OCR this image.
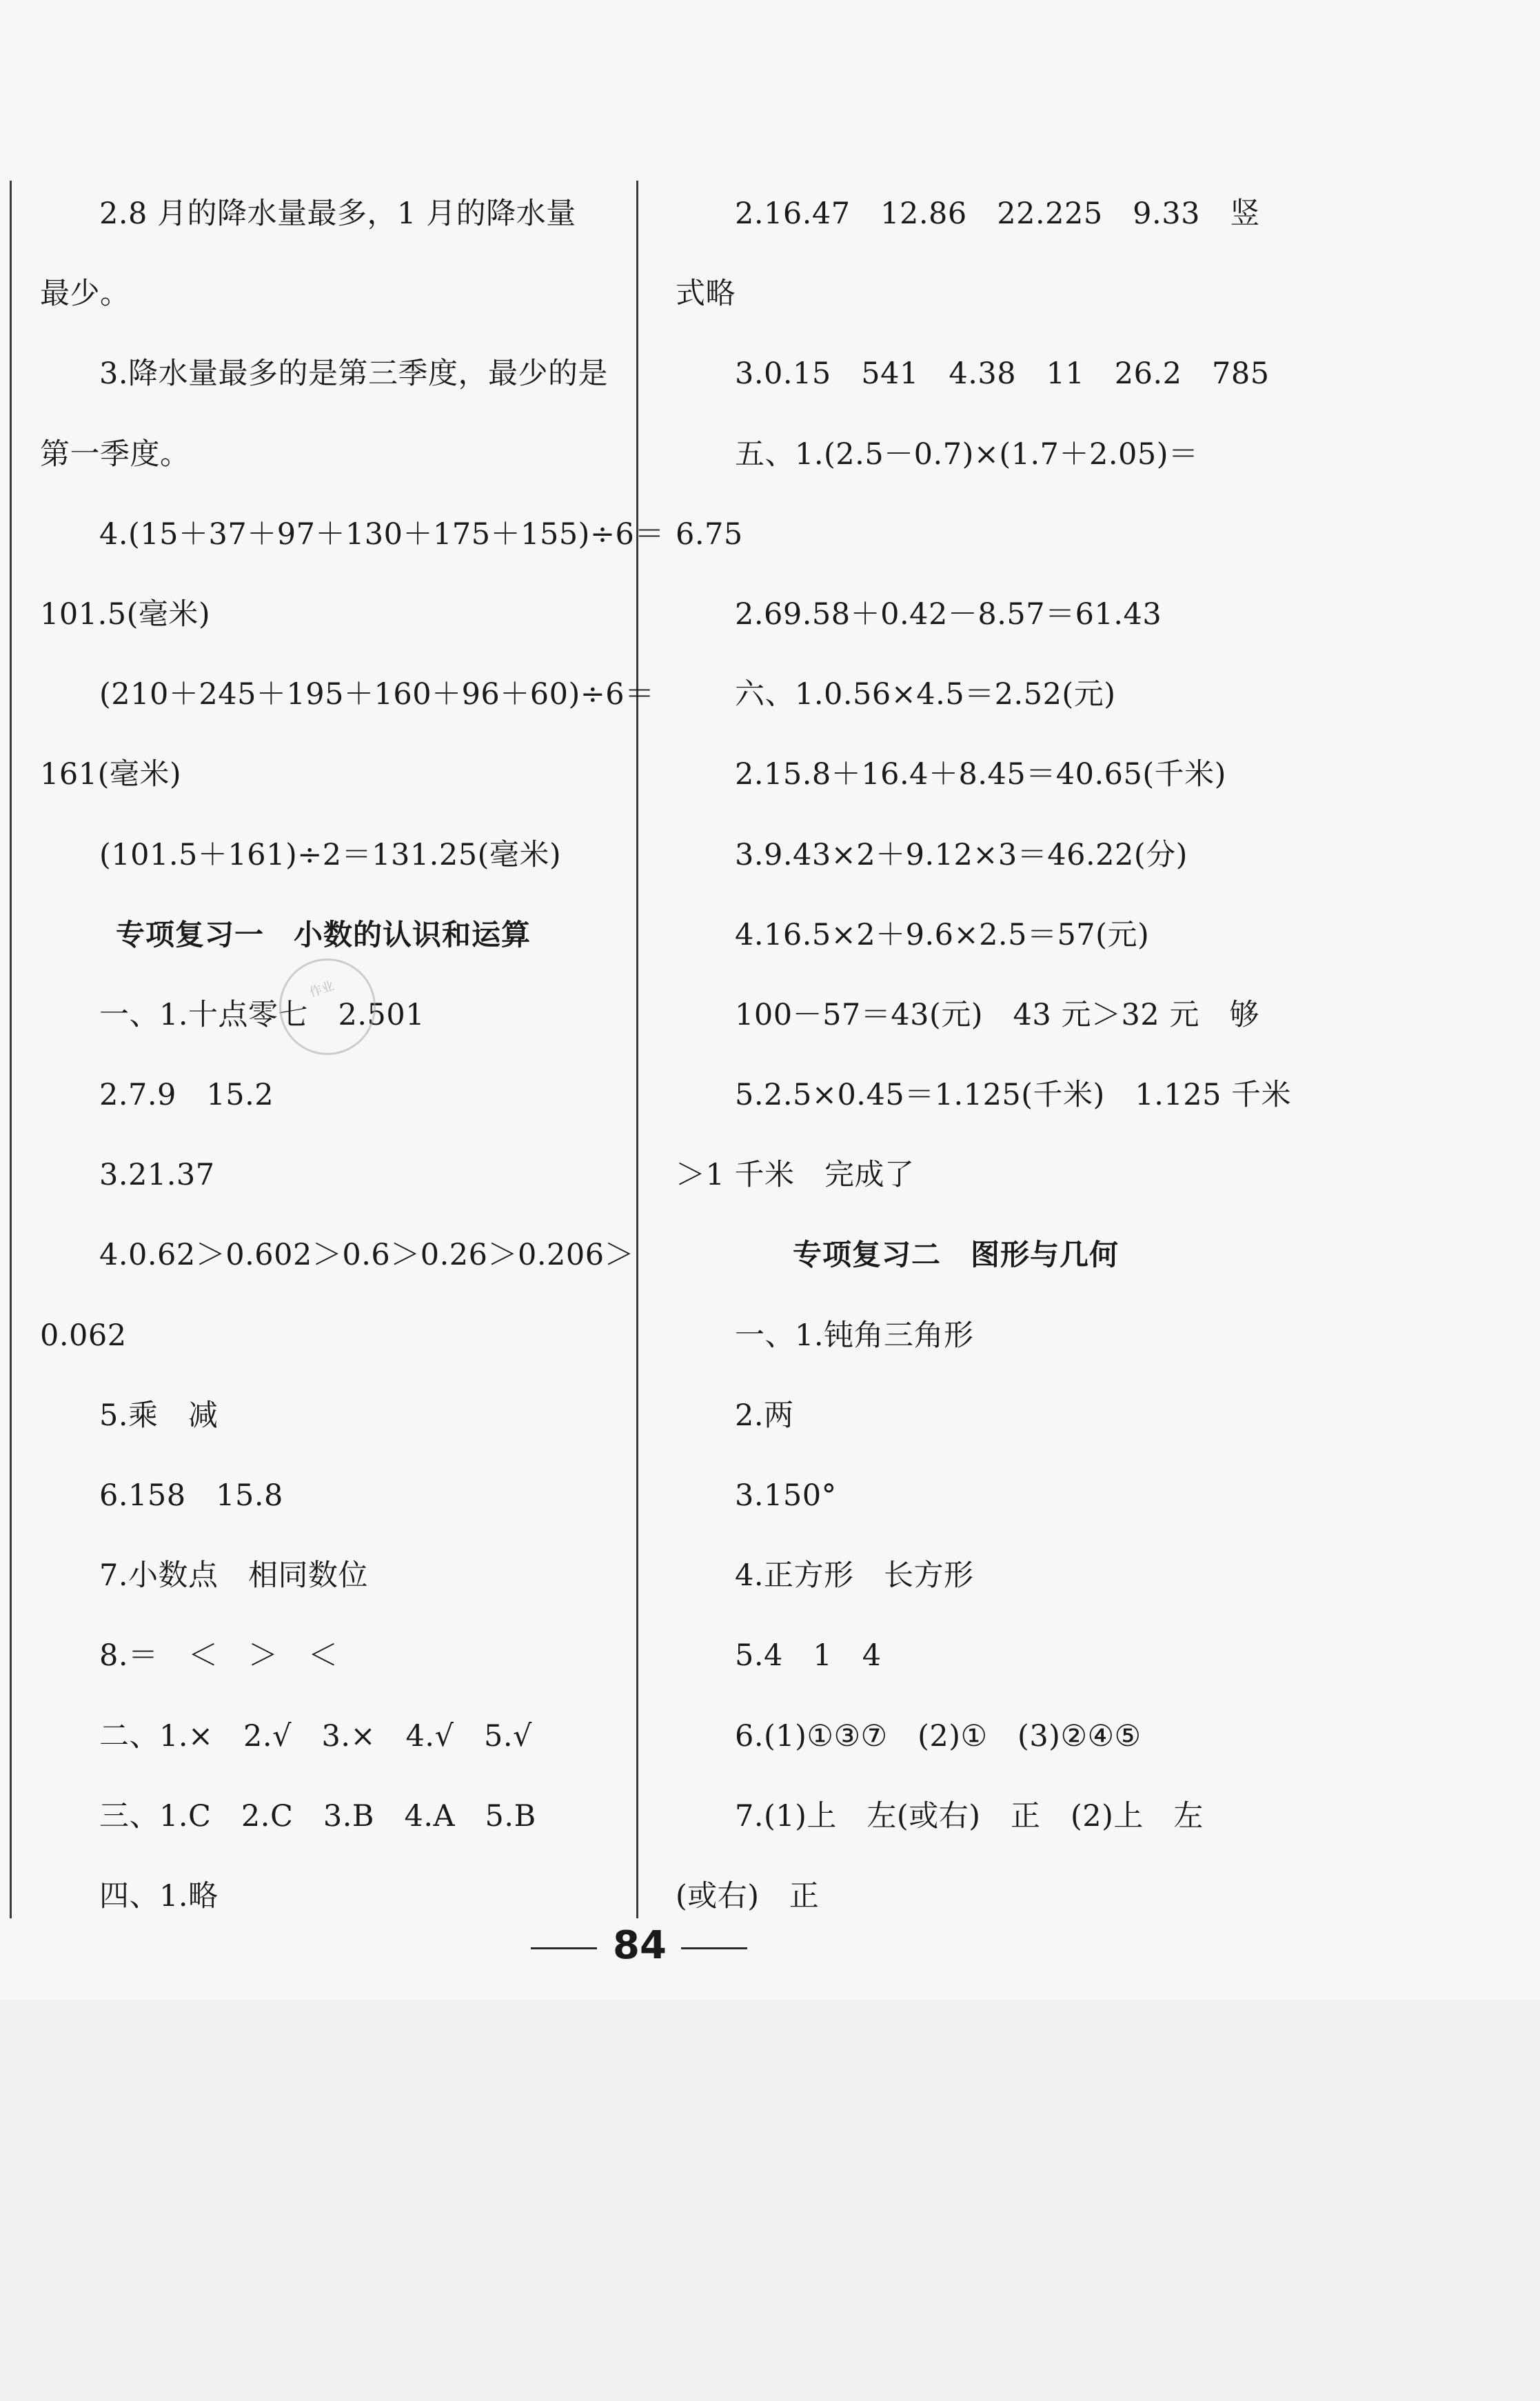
2.8 月的降水量最多，1 月的降水量
最少。
3.降水量最多的是第三季度，最少的是
第一季度。
4.(15＋37＋97＋130＋175＋155)÷6＝
101.5(毫米)
(210＋245＋195＋160＋96＋60)÷6＝
161(毫米)
(101.5＋161)÷2＝131.25(毫米)
专项复习一　小数的认识和运算
一、1.十点零七　2.501
2.7.9　15.2
3.21.37
4.0.62＞0.602＞0.6＞0.26＞0.206＞
0.062
5.乘　减
6.158　15.8
7.小数点　相同数位
8.＝　＜　＞　＜
二、1.×　2.√　3.×　4.√　5.√
三、1.C　2.C　3.B　4.A　5.B
四、1.略
2.16.47　12.86　22.225　9.33　竖
式略
3.0.15　541　4.38　11　26.2　785
五、1.(2.5－0.7)×(1.7＋2.05)＝
6.75
2.69.58＋0.42－8.57＝61.43
六、1.0.56×4.5＝2.52(元)
2.15.8＋16.4＋8.45＝40.65(千米)
3.9.43×2＋9.12×3＝46.22(分)
4.16.5×2＋9.6×2.5＝57(元)
100－57＝43(元)　43 元＞32 元　够
5.2.5×0.45＝1.125(千米)　1.125 千米
＞1 千米　完成了
专项复习二　图形与几何
一、1.钝角三角形
2.两
3.150°
4.正方形　长方形
5.4　1　4
6.(1)①③⑦　(2)①　(3)②④⑤
7.(1)上　左(或右)　正　(2)上　左
(或右)　正
作业
84
